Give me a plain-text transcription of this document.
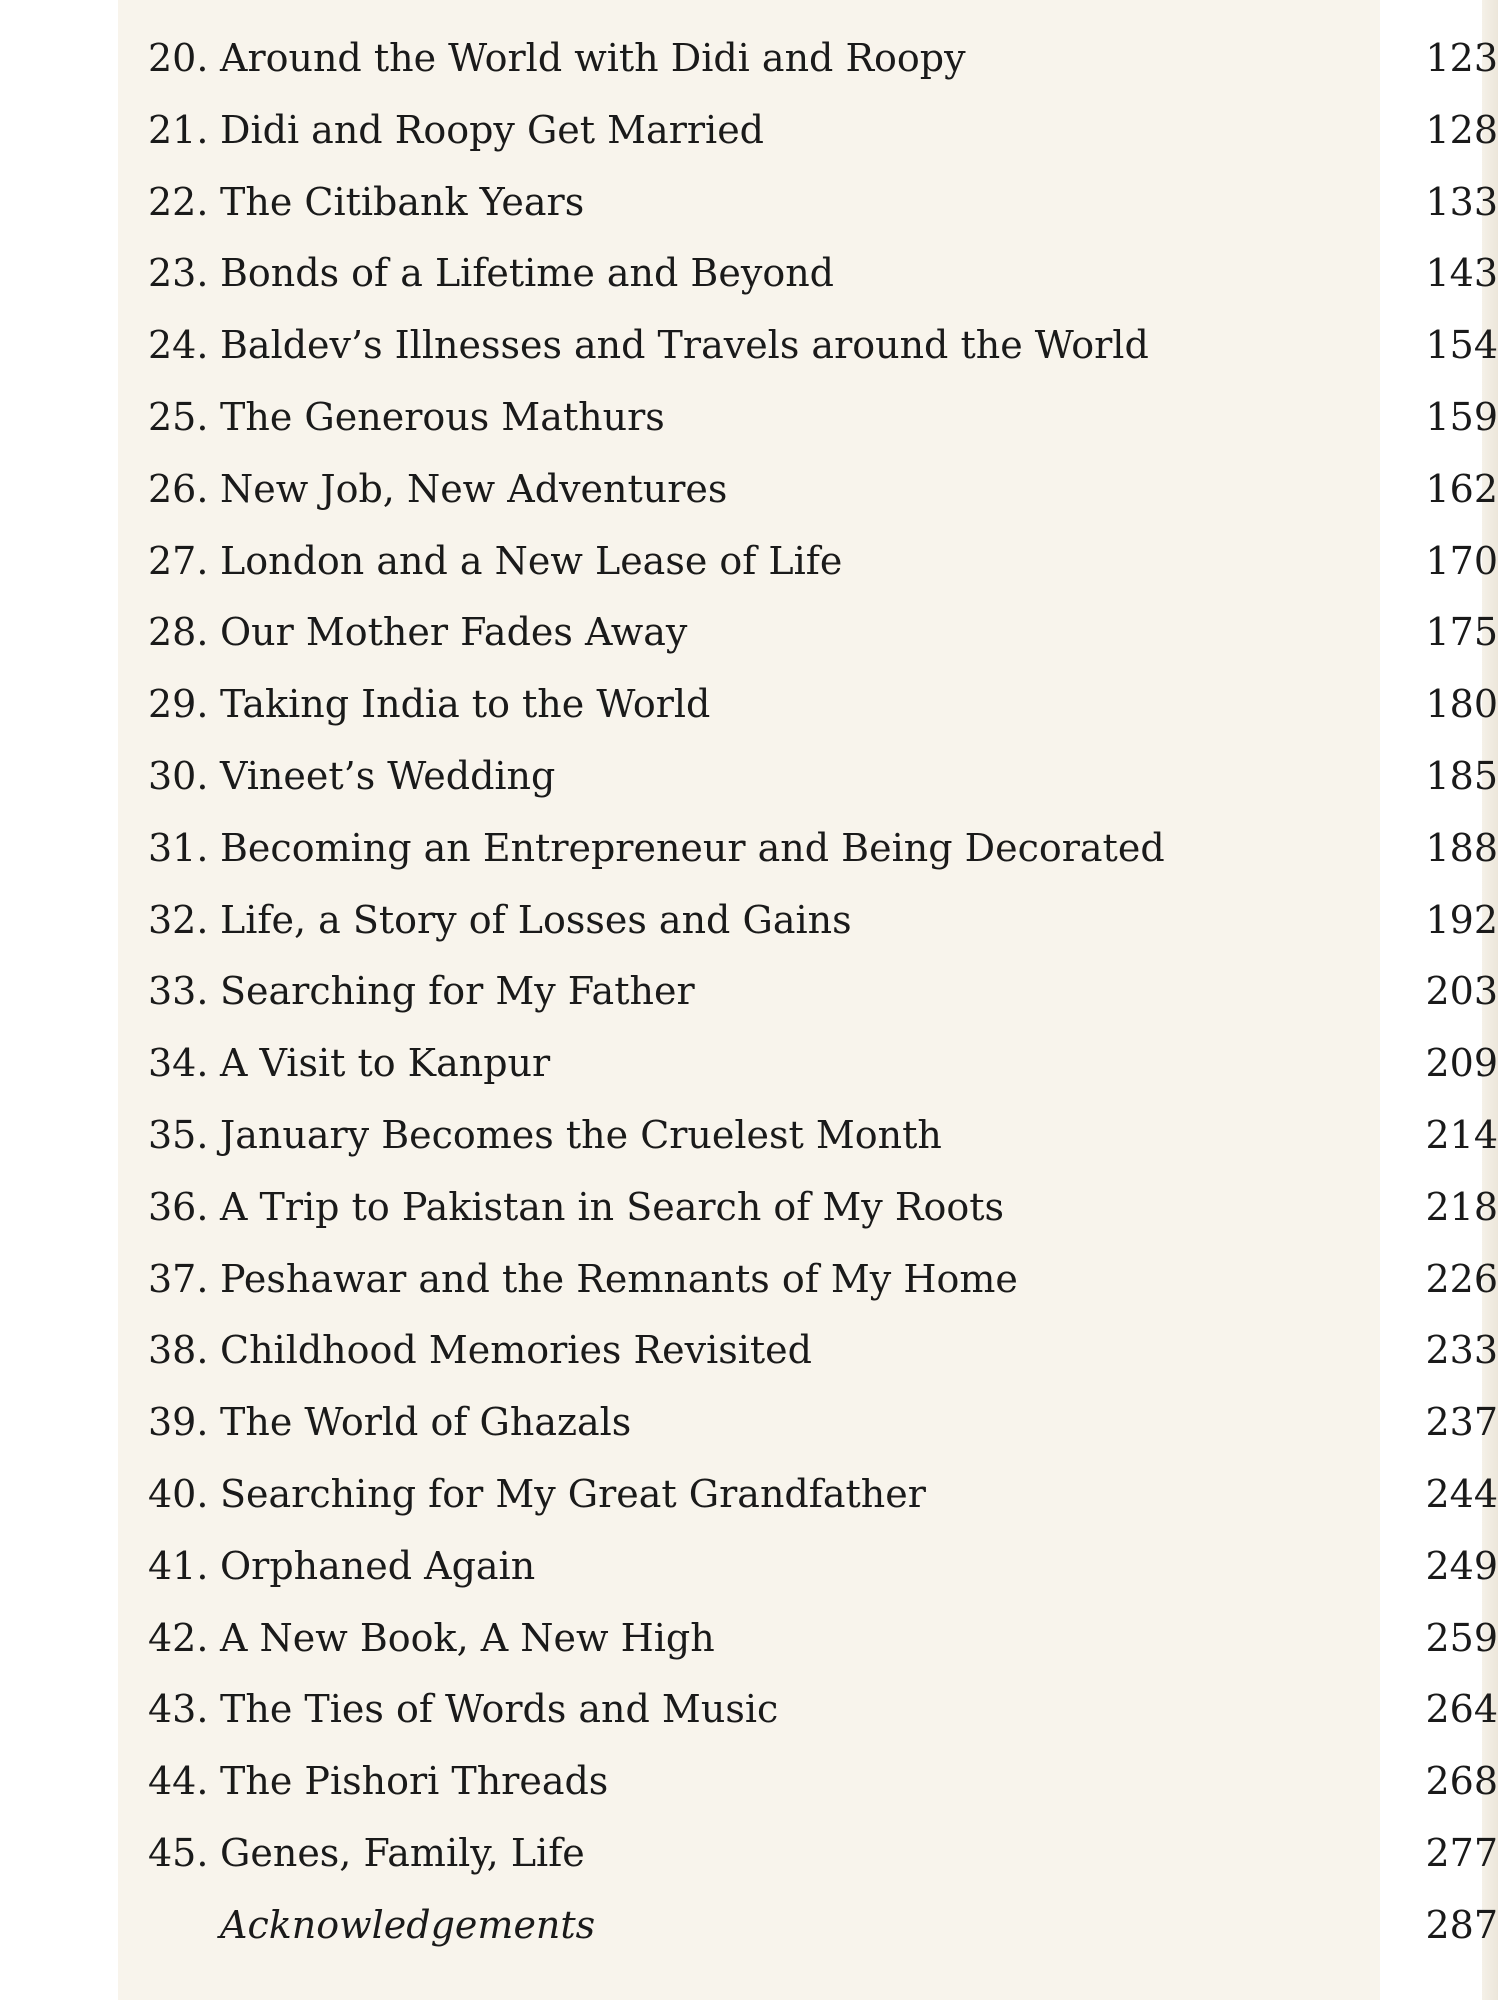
20. Around the World with Didi and Roopy	123
21. Didi and Roopy Get Married	128
22. The Citibank Years	133
23. Bonds of a Lifetime and Beyond	143
24. Baldev’s Illnesses and Travels around the World	154
25. The Generous Mathurs	159
26. New Job, New Adventures	162
27. London and a New Lease of Life	170
28. Our Mother Fades Away	175
29. Taking India to the World	180
30. Vineet’s Wedding	185
31. Becoming an Entrepreneur and Being Decorated	188
32. Life, a Story of Losses and Gains	192
33. Searching for My Father	203
34. A Visit to Kanpur	209
35. January Becomes the Cruelest Month	214
36. A Trip to Pakistan in Search of My Roots	218
37. Peshawar and the Remnants of My Home	226
38. Childhood Memories Revisited	233
39. The World of Ghazals	237
40. Searching for My Great Grandfather	244
41. Orphaned Again	249
42. A New Book, A New High	259
43. The Ties of Words and Music	264
44. The Pishori Threads	268
45. Genes, Family, Life	277
Acknowledgements	287
